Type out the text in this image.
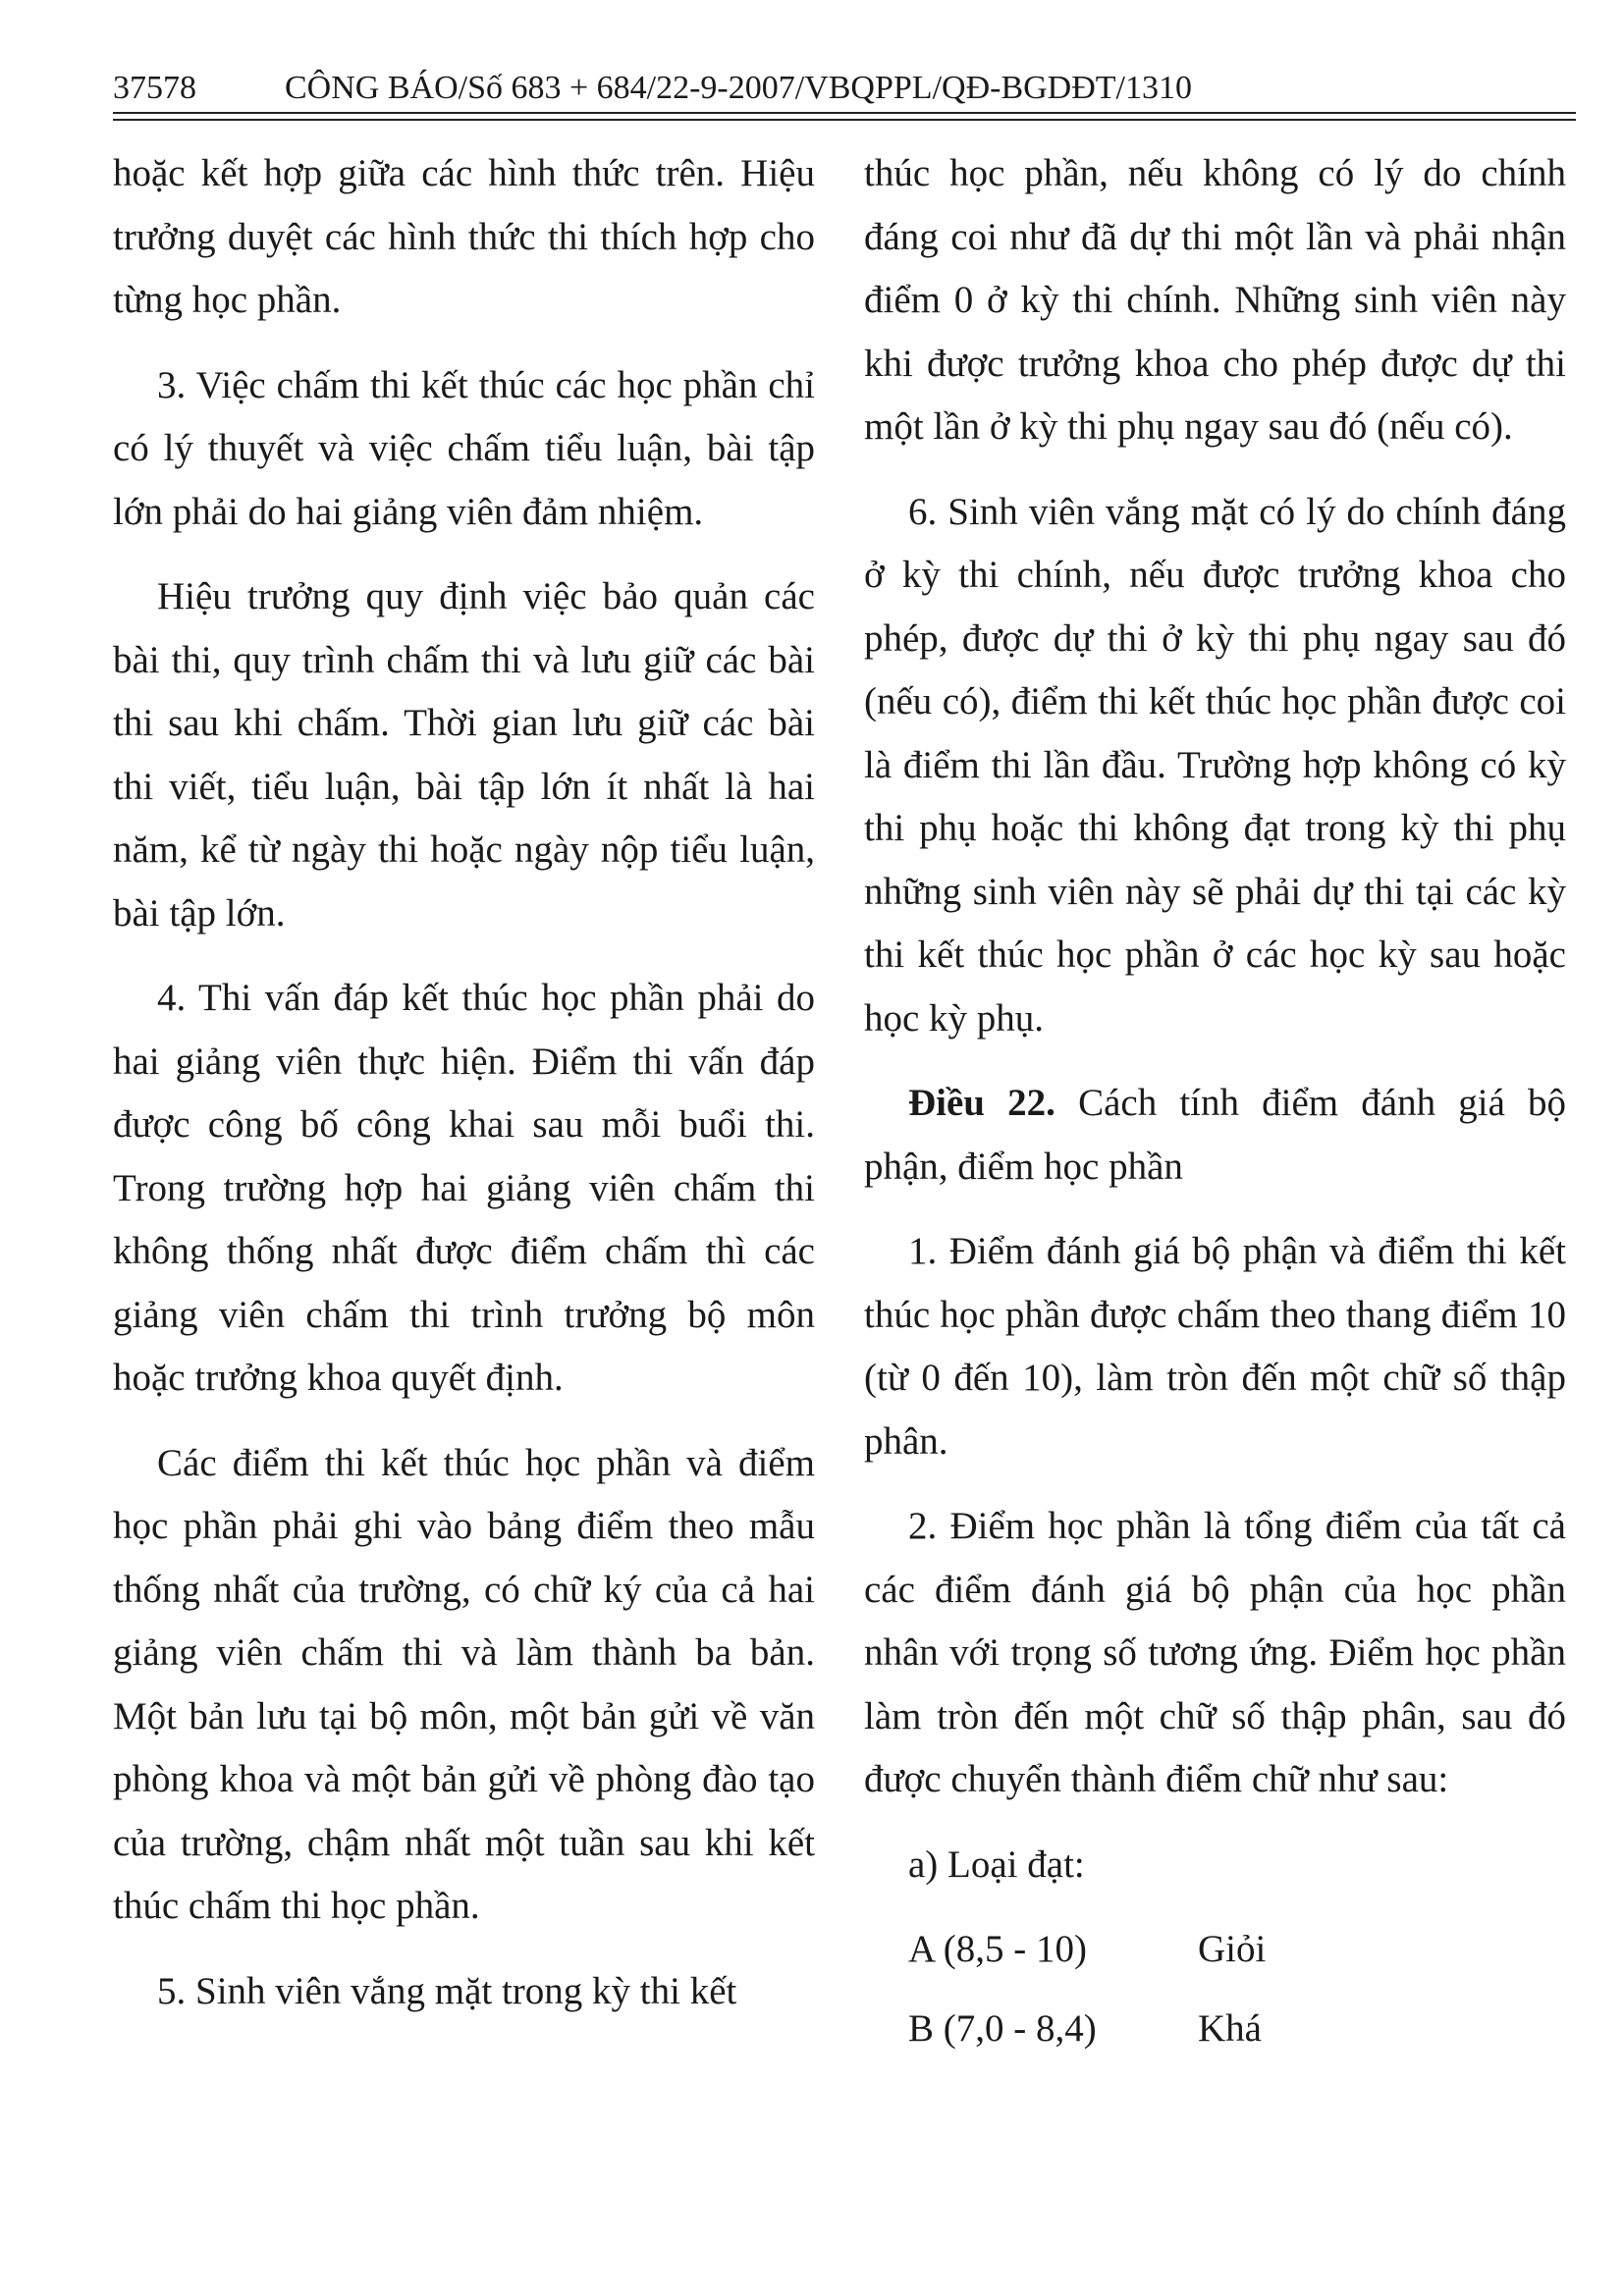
37578	CÔNG BÁO/Số 683 + 684/22-9-2007/VBQPPL/QĐ-BGDĐT/1310

hoặc kết hợp giữa các hình thức trên. Hiệu trưởng duyệt các hình thức thi thích hợp cho từng học phần.

3. Việc chấm thi kết thúc các học phần chỉ có lý thuyết và việc chấm tiểu luận, bài tập lớn phải do hai giảng viên đảm nhiệm.

Hiệu trưởng quy định việc bảo quản các bài thi, quy trình chấm thi và lưu giữ các bài thi sau khi chấm. Thời gian lưu giữ các bài thi viết, tiểu luận, bài tập lớn ít nhất là hai năm, kể từ ngày thi hoặc ngày nộp tiểu luận, bài tập lớn.

4. Thi vấn đáp kết thúc học phần phải do hai giảng viên thực hiện. Điểm thi vấn đáp được công bố công khai sau mỗi buổi thi. Trong trường hợp hai giảng viên chấm thi không thống nhất được điểm chấm thì các giảng viên chấm thi trình trưởng bộ môn hoặc trưởng khoa quyết định.

Các điểm thi kết thúc học phần và điểm học phần phải ghi vào bảng điểm theo mẫu thống nhất của trường, có chữ ký của cả hai giảng viên chấm thi và làm thành ba bản. Một bản lưu tại bộ môn, một bản gửi về văn phòng khoa và một bản gửi về phòng đào tạo của trường, chậm nhất một tuần sau khi kết thúc chấm thi học phần.

5. Sinh viên vắng mặt trong kỳ thi kết

thúc học phần, nếu không có lý do chính đáng coi như đã dự thi một lần và phải nhận điểm 0 ở kỳ thi chính. Những sinh viên này khi được trưởng khoa cho phép được dự thi một lần ở kỳ thi phụ ngay sau đó (nếu có).

6. Sinh viên vắng mặt có lý do chính đáng ở kỳ thi chính, nếu được trưởng khoa cho phép, được dự thi ở kỳ thi phụ ngay sau đó (nếu có), điểm thi kết thúc học phần được coi là điểm thi lần đầu. Trường hợp không có kỳ thi phụ hoặc thi không đạt trong kỳ thi phụ những sinh viên này sẽ phải dự thi tại các kỳ thi kết thúc học phần ở các học kỳ sau hoặc học kỳ phụ.

Điều 22. Cách tính điểm đánh giá bộ phận, điểm học phần

1. Điểm đánh giá bộ phận và điểm thi kết thúc học phần được chấm theo thang điểm 10 (từ 0 đến 10), làm tròn đến một chữ số thập phân.

2. Điểm học phần là tổng điểm của tất cả các điểm đánh giá bộ phận của học phần nhân với trọng số tương ứng. Điểm học phần làm tròn đến một chữ số thập phân, sau đó được chuyển thành điểm chữ như sau:

a) Loại đạt:

A (8,5 - 10)	Giỏi
B (7,0 - 8,4)	Khá
